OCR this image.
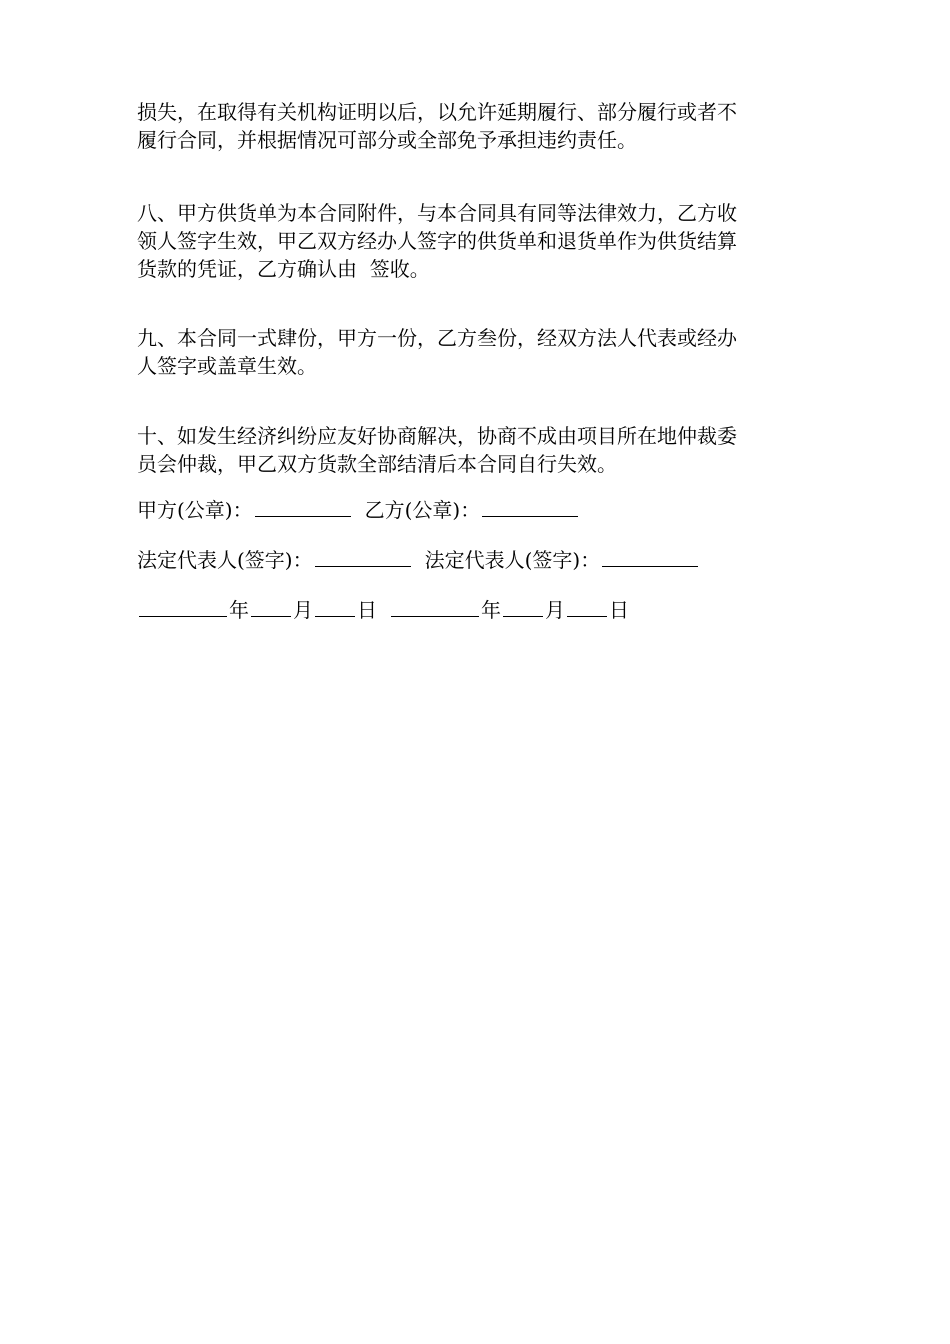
损失，在取得有关机构证明以后，以允许延期履行、部分履行或者不
履行合同，并根据情况可部分或全部免予承担违约责任。

八、甲方供货单为本合同附件，与本合同具有同等法律效力，乙方收
领人签字生效，甲乙双方经办人签字的供货单和退货单作为供货结算
货款的凭证，乙方确认由  签收。

九、本合同一式肆份，甲方一份，乙方叁份，经双方法人代表或经办
人签字或盖章生效。

十、如发生经济纠纷应友好协商解决，协商不成由项目所在地仲裁委
员会仲裁，甲乙双方货款全部结清后本合同自行失效。

甲方(公章)：	乙方(公章)：
法定代表人(签字)：	法定代表人(签字)：
年 月 日	年 月 日
